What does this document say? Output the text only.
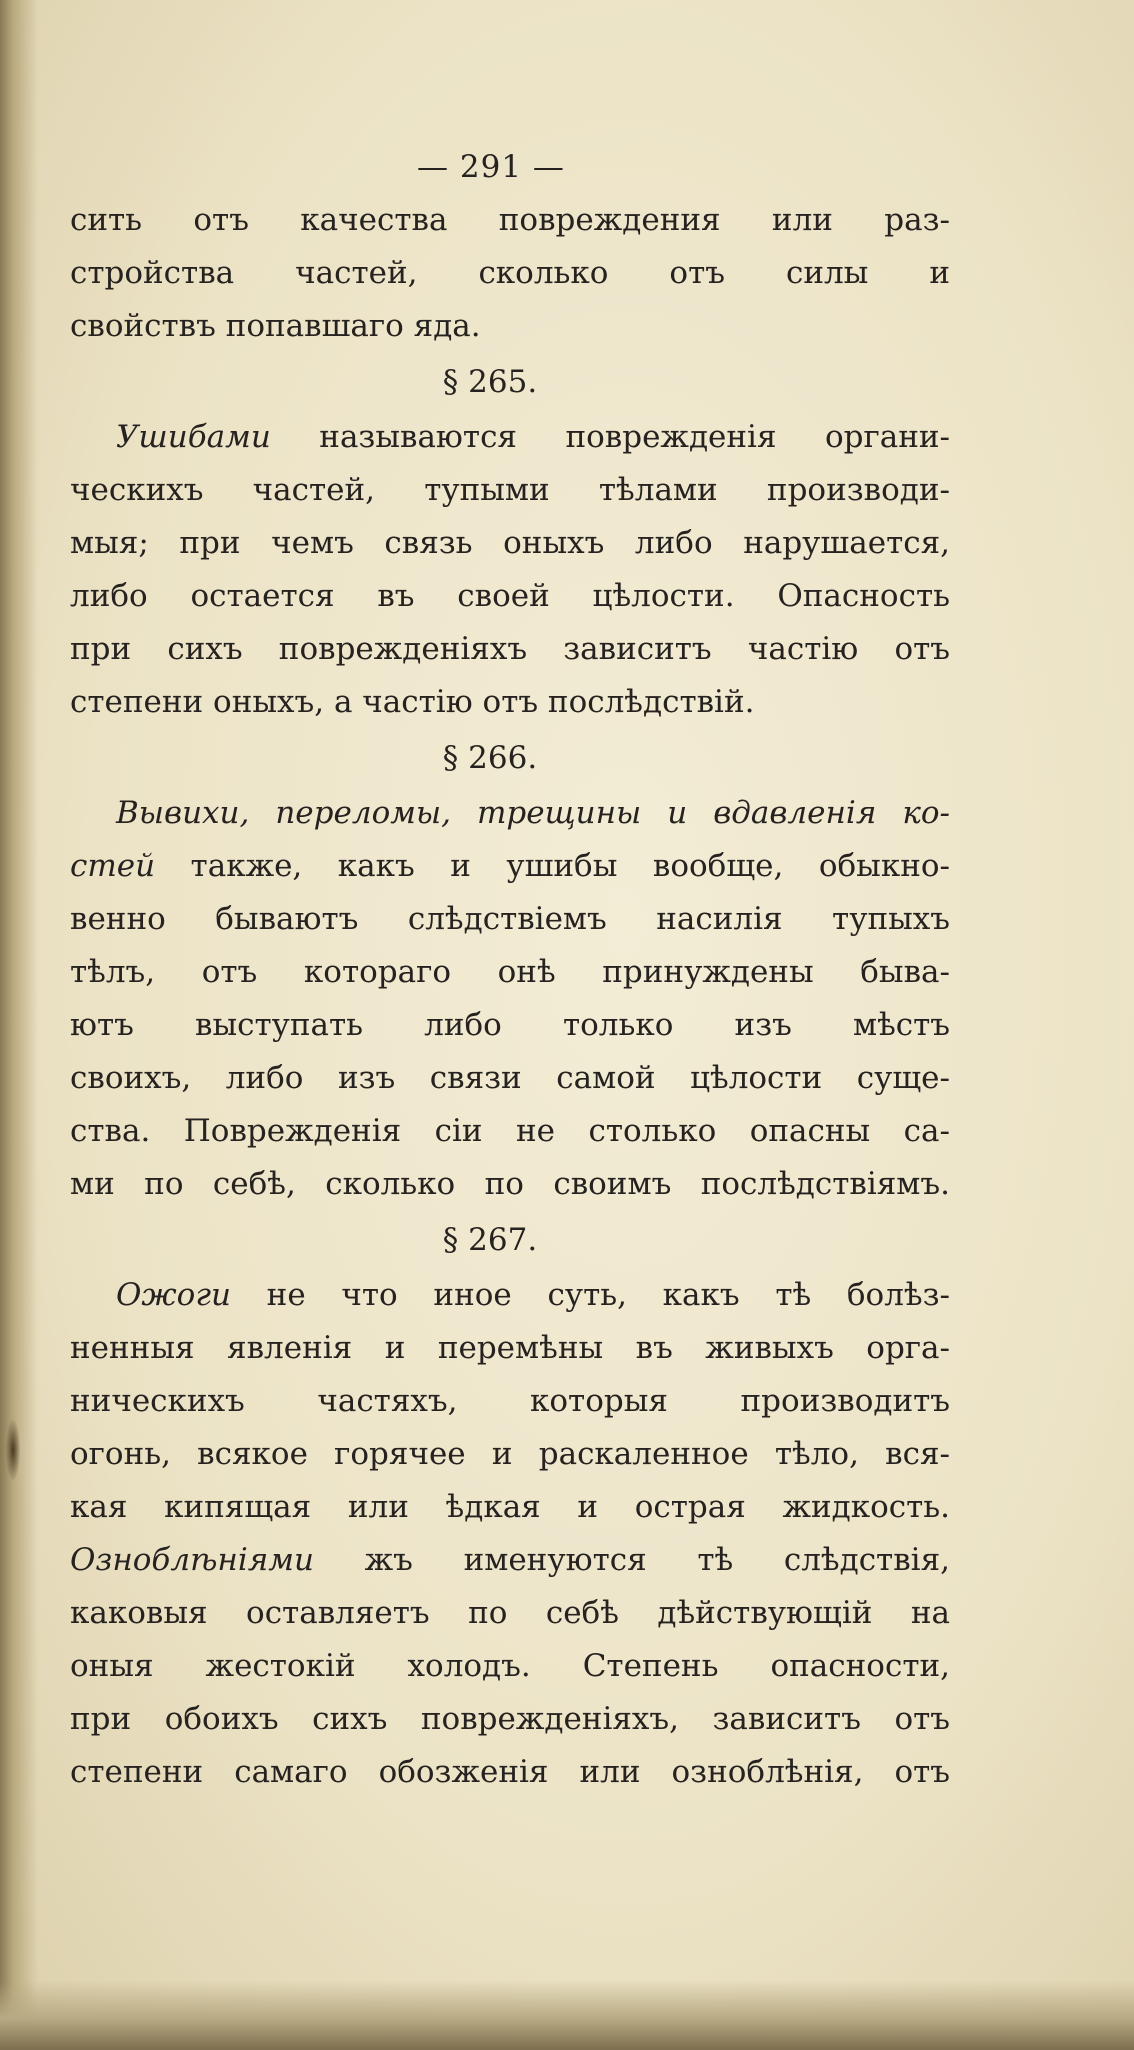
— 291 —
сить отъ качества повреждения или раз-
стройства частей, сколько отъ силы и
свойствъ попавшаго яда.
§ 265.
Ушибами называются поврежденія органи-
ческихъ частей, тупыми тѣлами производи-
мыя; при чемъ связь оныхъ либо нарушается,
либо остается въ своей цѣлости. Опасность
при сихъ поврежденіяхъ зависитъ частію отъ
степени оныхъ, а частію отъ послѣдствій.
§ 266.
Вывихи, переломы, трещины и вдавленія ко-
стей также, какъ и ушибы вообще, обыкно-
венно бываютъ слѣдствіемъ насилія тупыхъ
тѣлъ, отъ котораго онѣ принуждены быва-
ютъ выступать либо только изъ мѣстъ
своихъ, либо изъ связи самой цѣлости суще-
ства. Поврежденія сіи не столько опасны са-
ми по себѣ, сколько по своимъ послѣдствіямъ.
§ 267.
Ожоги не что иное суть, какъ тѣ болѣз-
ненныя явленія и перемѣны въ живыхъ орга-
ническихъ частяхъ, которыя производитъ
огонь, всякое горячее и раскаленное тѣло, вся-
кая кипящая или ѣдкая и острая жидкость.
Озноблѣніями жъ именуются тѣ слѣдствія,
каковыя оставляетъ по себѣ дѣйствующій на
оныя жестокій холодъ. Степень опасности,
при обоихъ сихъ поврежденіяхъ, зависитъ отъ
степени самаго обозженія или озноблѣнія, отъ
